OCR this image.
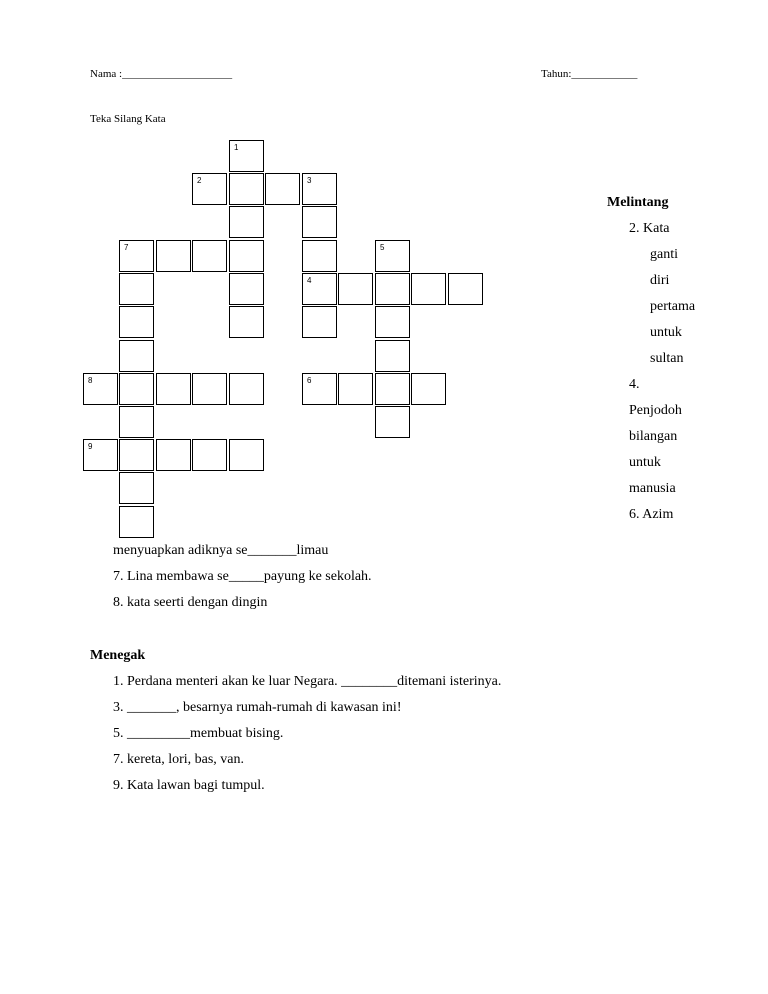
Nama :____________________	Tahun:____________
Teka Silang Kata
1
2	3
7	5
4
8	6
9
Melintang
2. Kata
ganti
diri
pertama
untuk
sultan
4.
Penjodoh
bilangan
untuk
manusia
6. Azim
menyuapkan adiknya se_______limau
7. Lina membawa se_____payung ke sekolah.
8. kata seerti dengan dingin
Menegak
1. Perdana menteri akan ke luar Negara. ________ditemani isterinya.
3. _______, besarnya rumah-rumah di kawasan ini!
5. _________membuat bising.
7. kereta, lori, bas, van.
9. Kata lawan bagi tumpul.
